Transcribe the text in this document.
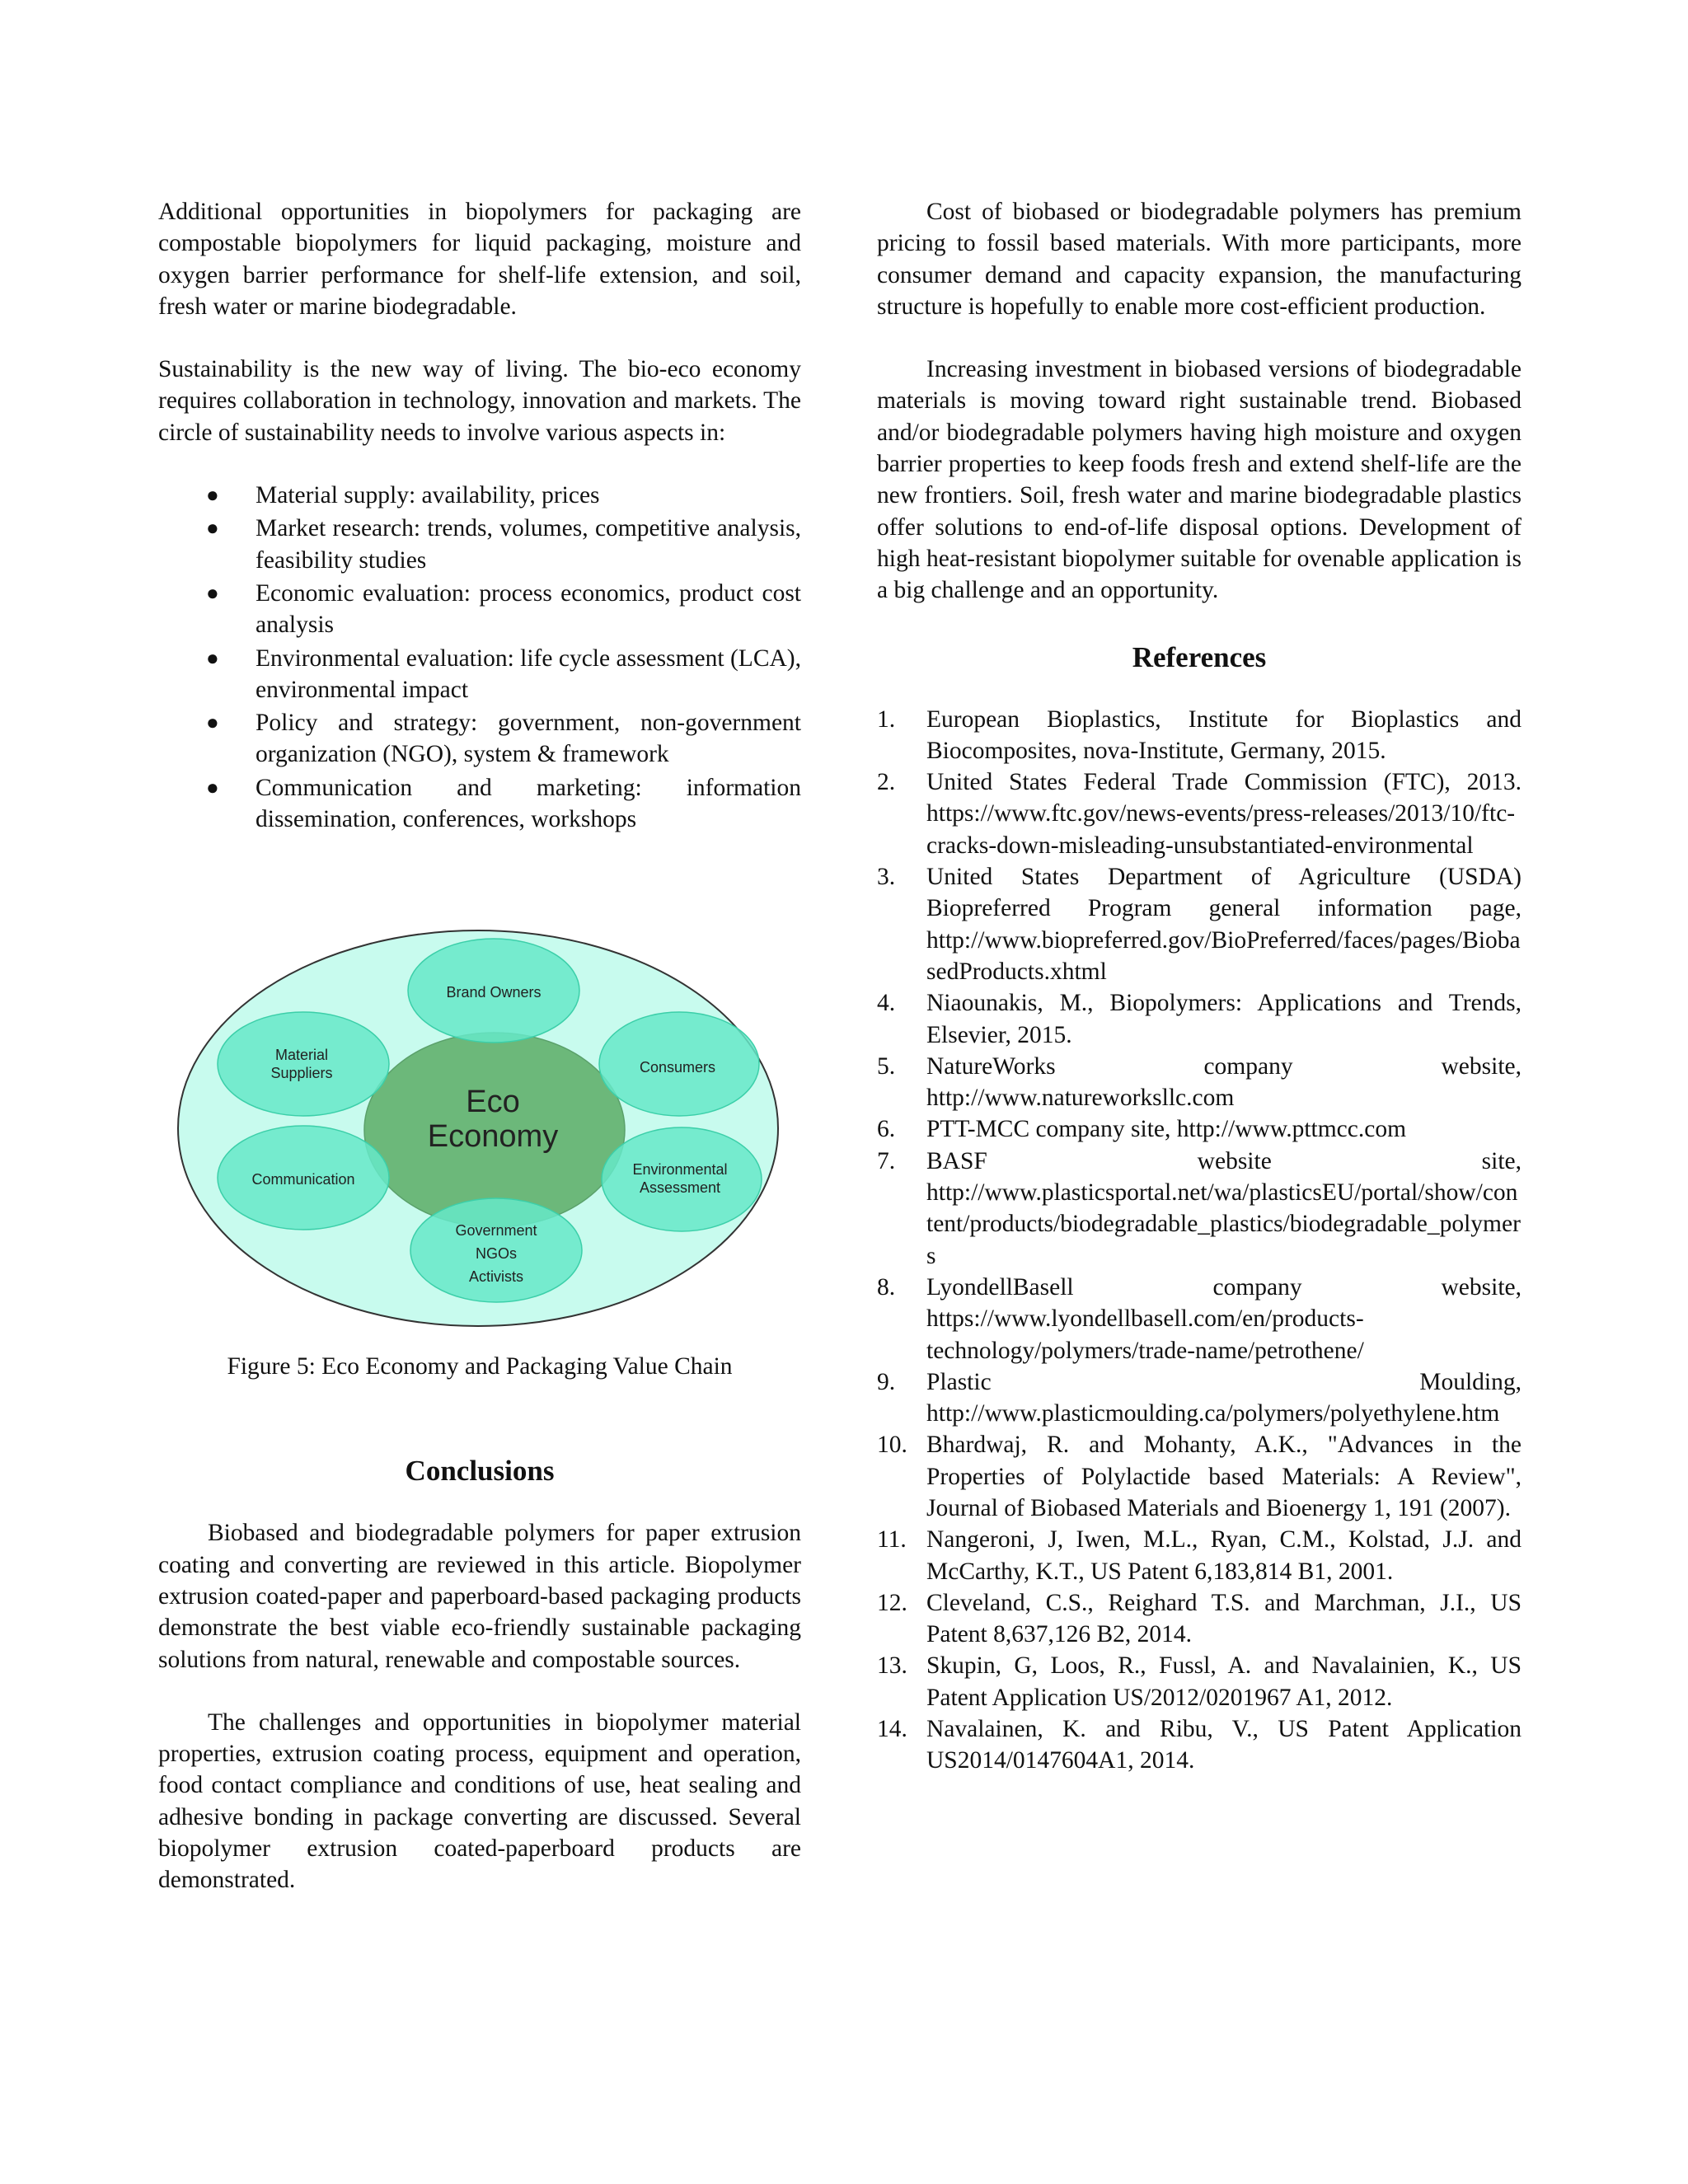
Additional opportunities in biopolymers for packaging are compostable biopolymers for liquid packaging, moisture and oxygen barrier performance for shelf-life extension, and soil, fresh water or marine biodegradable.

Sustainability is the new way of living. The bio-eco economy requires collaboration in technology, innovation and markets. The circle of sustainability needs to involve various aspects in:

● Material supply: availability, prices
● Market research: trends, volumes, competitive analysis, feasibility studies
● Economic evaluation: process economics, product cost analysis
● Environmental evaluation: life cycle assessment (LCA), environmental impact
● Policy and strategy: government, non-government organization (NGO), system & framework
● Communication and marketing: information dissemination, conferences, workshops
Eco
Economy
Brand Owners
Material
Suppliers	Consumers
Communication
Environmental
Assessment
Government
NGOs
Activists
Figure 5: Eco Economy and Packaging Value Chain
Conclusions

Biobased and biodegradable polymers for paper extrusion coating and converting are reviewed in this article. Biopolymer extrusion coated-paper and paperboard-based packaging products demonstrate the best viable eco-friendly sustainable packaging solutions from natural, renewable and compostable sources.

The challenges and opportunities in biopolymer material properties, extrusion coating process, equipment and operation, food contact compliance and conditions of use, heat sealing and adhesive bonding in package converting are discussed. Several biopolymer extrusion coated-paperboard products are demonstrated.

Cost of biobased or biodegradable polymers has premium pricing to fossil based materials. With more participants, more consumer demand and capacity expansion, the manufacturing structure is hopefully to enable more cost-efficient production.

Increasing investment in biobased versions of biodegradable materials is moving toward right sustainable trend. Biobased and/or biodegradable polymers having high moisture and oxygen barrier properties to keep foods fresh and extend shelf-life are the new frontiers. Soil, fresh water and marine biodegradable plastics offer solutions to end-of-life disposal options. Development of high heat-resistant biopolymer suitable for ovenable application is a big challenge and an opportunity.

References
1. European Bioplastics, Institute for Bioplastics and Biocomposites, nova-Institute, Germany, 2015.
2. United States Federal Trade Commission (FTC), 2013. https://www.ftc.gov/news-events/press-releases/2013/10/ftc-cracks-down-misleading-unsubstantiated-environmental
3. United States Department of Agriculture (USDA) Biopreferred Program general information page, http://www.biopreferred.gov/BioPreferred/faces/pages/BiobasedProducts.xhtml
4. Niaounakis, M., Biopolymers: Applications and Trends, Elsevier, 2015.
5. NatureWorks company website, http://www.natureworksllc.com
6. PTT-MCC company site, http://www.pttmcc.com
7. BASF website site, http://www.plasticsportal.net/wa/plasticsEU/portal/show/content/products/biodegradable_plastics/biodegradable_polymers
8. LyondellBasell company website, https://www.lyondellbasell.com/en/products-technology/polymers/trade-name/petrothene/
9. Plastic Moulding, http://www.plasticmoulding.ca/polymers/polyethylene.htm
10. Bhardwaj, R. and Mohanty, A.K., "Advances in the Properties of Polylactide based Materials: A Review", Journal of Biobased Materials and Bioenergy 1, 191 (2007).
11. Nangeroni, J, Iwen, M.L., Ryan, C.M., Kolstad, J.J. and McCarthy, K.T., US Patent 6,183,814 B1, 2001.
12. Cleveland, C.S., Reighard T.S. and Marchman, J.I., US Patent 8,637,126 B2, 2014.
13. Skupin, G, Loos, R., Fussl, A. and Navalainien, K., US Patent Application US/2012/0201967 A1, 2012.
14. Navalainen, K. and Ribu, V., US Patent Application US2014/0147604A1, 2014.
